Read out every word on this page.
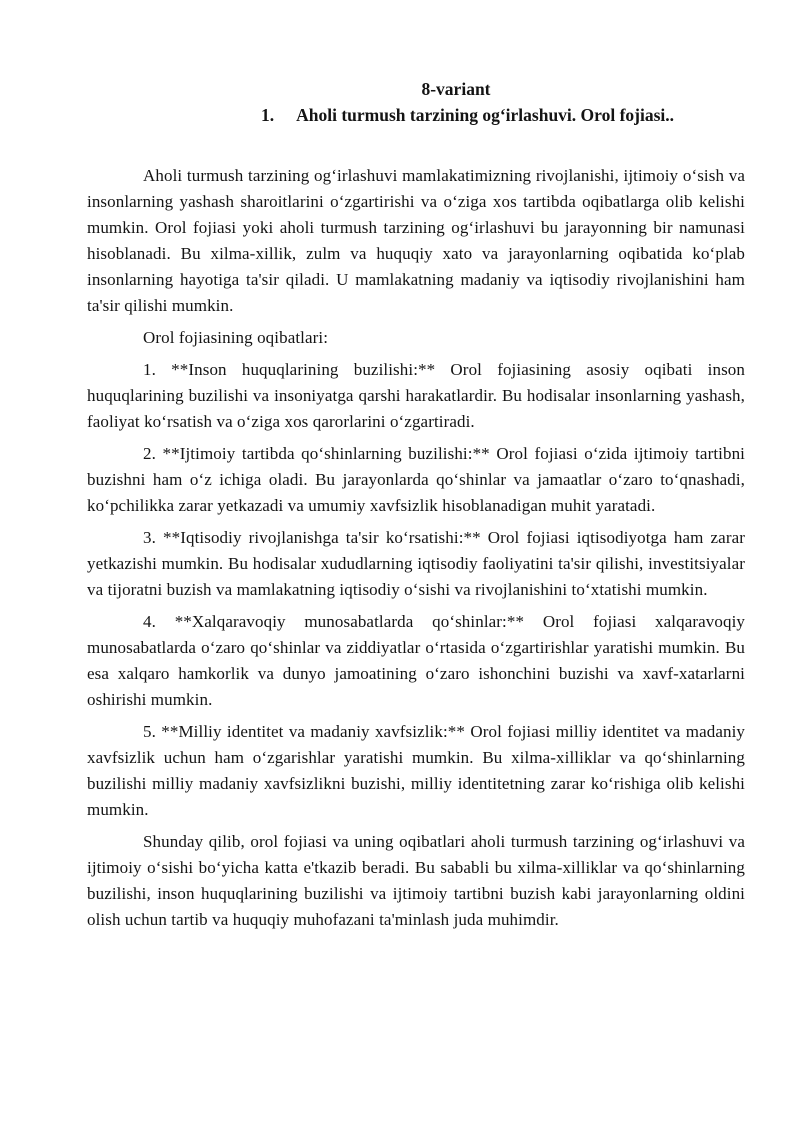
8-variant
1. Aholi turmush tarzining ogʻirlashuvi. Orol fojiasi..

Aholi turmush tarzining ogʻirlashuvi mamlakatimizning rivojlanishi, ijtimoiy oʻsish va insonlarning yashash sharoitlarini oʻzgartirishi va oʻziga xos tartibda oqibatlarga olib kelishi mumkin. Orol fojiasi yoki aholi turmush tarzining ogʻirlashuvi bu jarayonning bir namunasi hisoblanadi. Bu xilma-xillik, zulm va huquqiy xato va jarayonlarning oqibatida koʻplab insonlarning hayotiga ta'sir qiladi. U mamlakatning madaniy va iqtisodiy rivojlanishini ham ta'sir qilishi mumkin.

Orol fojiasining oqibatlari:

1. **Inson huquqlarining buzilishi:** Orol fojiasining asosiy oqibati inson huquqlarining buzilishi va insoniyatga qarshi harakatlardir. Bu hodisalar insonlarning yashash, faoliyat koʻrsatish va oʻziga xos qarorlarini oʻzgartiradi.

2. **Ijtimoiy tartibda qoʻshinlarning buzilishi:** Orol fojiasi oʻzida ijtimoiy tartibni buzishni ham oʻz ichiga oladi. Bu jarayonlarda qoʻshinlar va jamaatlar oʻzaro toʻqnashadi, koʻpchilikka zarar yetkazadi va umumiy xavfsizlik hisoblanadigan muhit yaratadi.

3. **Iqtisodiy rivojlanishga ta'sir koʻrsatishi:** Orol fojiasi iqtisodiyotga ham zarar yetkazishi mumkin. Bu hodisalar xududlarning iqtisodiy faoliyatini ta'sir qilishi, investitsiyalar va tijoratni buzish va mamlakatning iqtisodiy oʻsishi va rivojlanishini toʻxtatishi mumkin.

4. **Xalqaravoqiy munosabatlarda qoʻshinlar:** Orol fojiasi xalqaravoqiy munosabatlarda oʻzaro qoʻshinlar va ziddiyatlar oʻrtasida oʻzgartirishlar yaratishi mumkin. Bu esa xalqaro hamkorlik va dunyo jamoatining oʻzaro ishonchini buzishi va xavf-xatarlarni oshirishi mumkin.

5. **Milliy identitet va madaniy xavfsizlik:** Orol fojiasi milliy identitet va madaniy xavfsizlik uchun ham oʻzgarishlar yaratishi mumkin. Bu xilma-xilliklar va qoʻshinlarning buzilishi milliy madaniy xavfsizlikni buzishi, milliy identitetning zarar koʻrishiga olib kelishi mumkin.

Shunday qilib, orol fojiasi va uning oqibatlari aholi turmush tarzining ogʻirlashuvi va ijtimoiy oʻsishi boʻyicha katta e'tkazib beradi. Bu sababli bu xilma-xilliklar va qoʻshinlarning buzilishi, inson huquqlarining buzilishi va ijtimoiy tartibni buzish kabi jarayonlarning oldini olish uchun tartib va huquqiy muhofazani ta'minlash juda muhimdir.
